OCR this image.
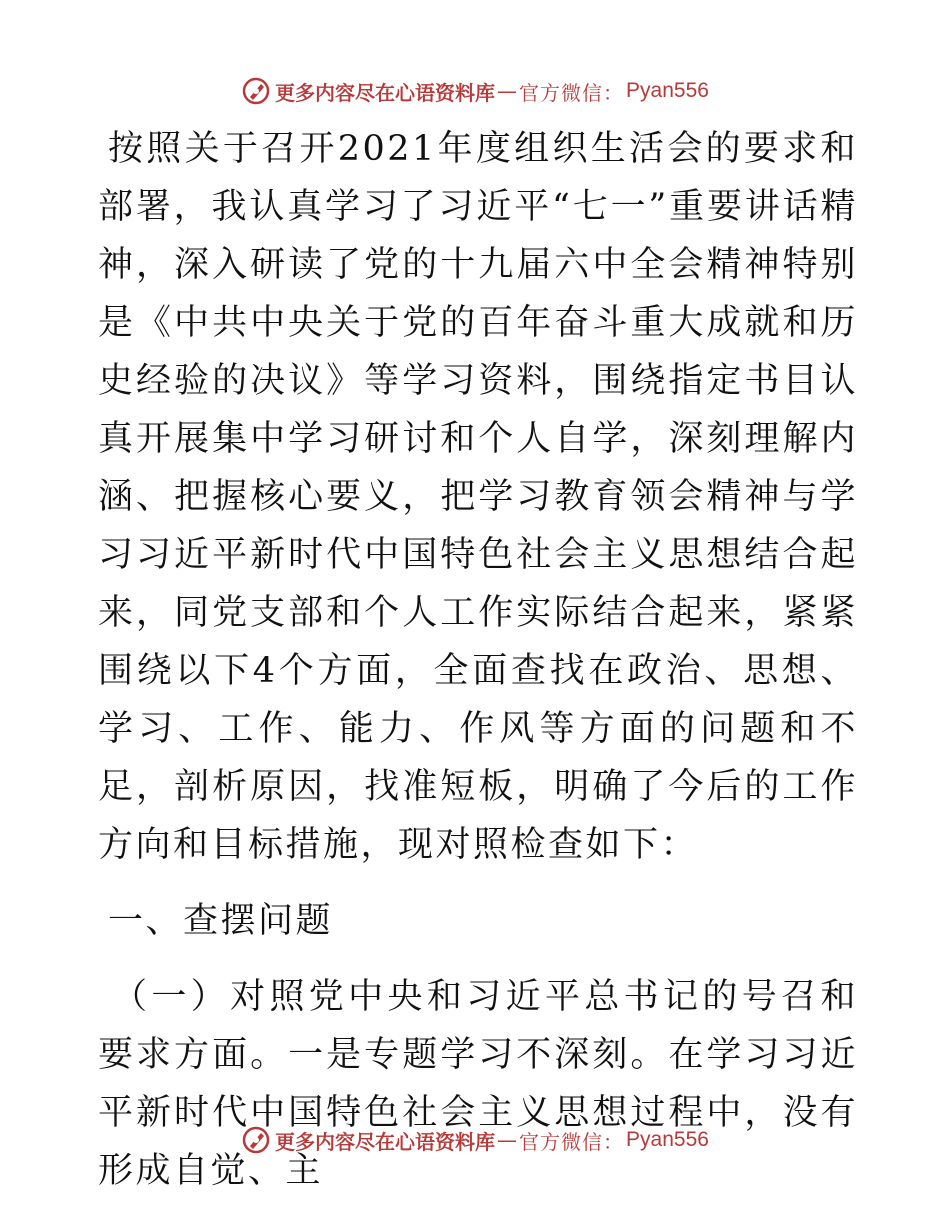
更多内容尽在心语资料库 — 官方微信： Pyan556

按照关于召开2021年度组织生活会的要求和部署，我认真学习了习近平“七一”重要讲话精神，深入研读了党的十九届六中全会精神特别是《中共中央关于党的百年奋斗重大成就和历史经验的决议》等学习资料，围绕指定书目认真开展集中学习研讨和个人自学，深刻理解内涵、把握核心要义，把学习教育领会精神与学习习近平新时代中国特色社会主义思想结合起来，同党支部和个人工作实际结合起来，紧紧围绕以下4个方面，全面查找在政治、思想、学习、工作、能力、作风等方面的问题和不足，剖析原因，找准短板，明确了今后的工作方向和目标措施，现对照检查如下：

一、查摆问题

（一）对照党中央和习近平总书记的号召和要求方面。一是专题学习不深刻。在学习习近平新时代中国特色社会主义思想过程中，没有形成自觉、主

更多内容尽在心语资料库 — 官方微信： Pyan556
